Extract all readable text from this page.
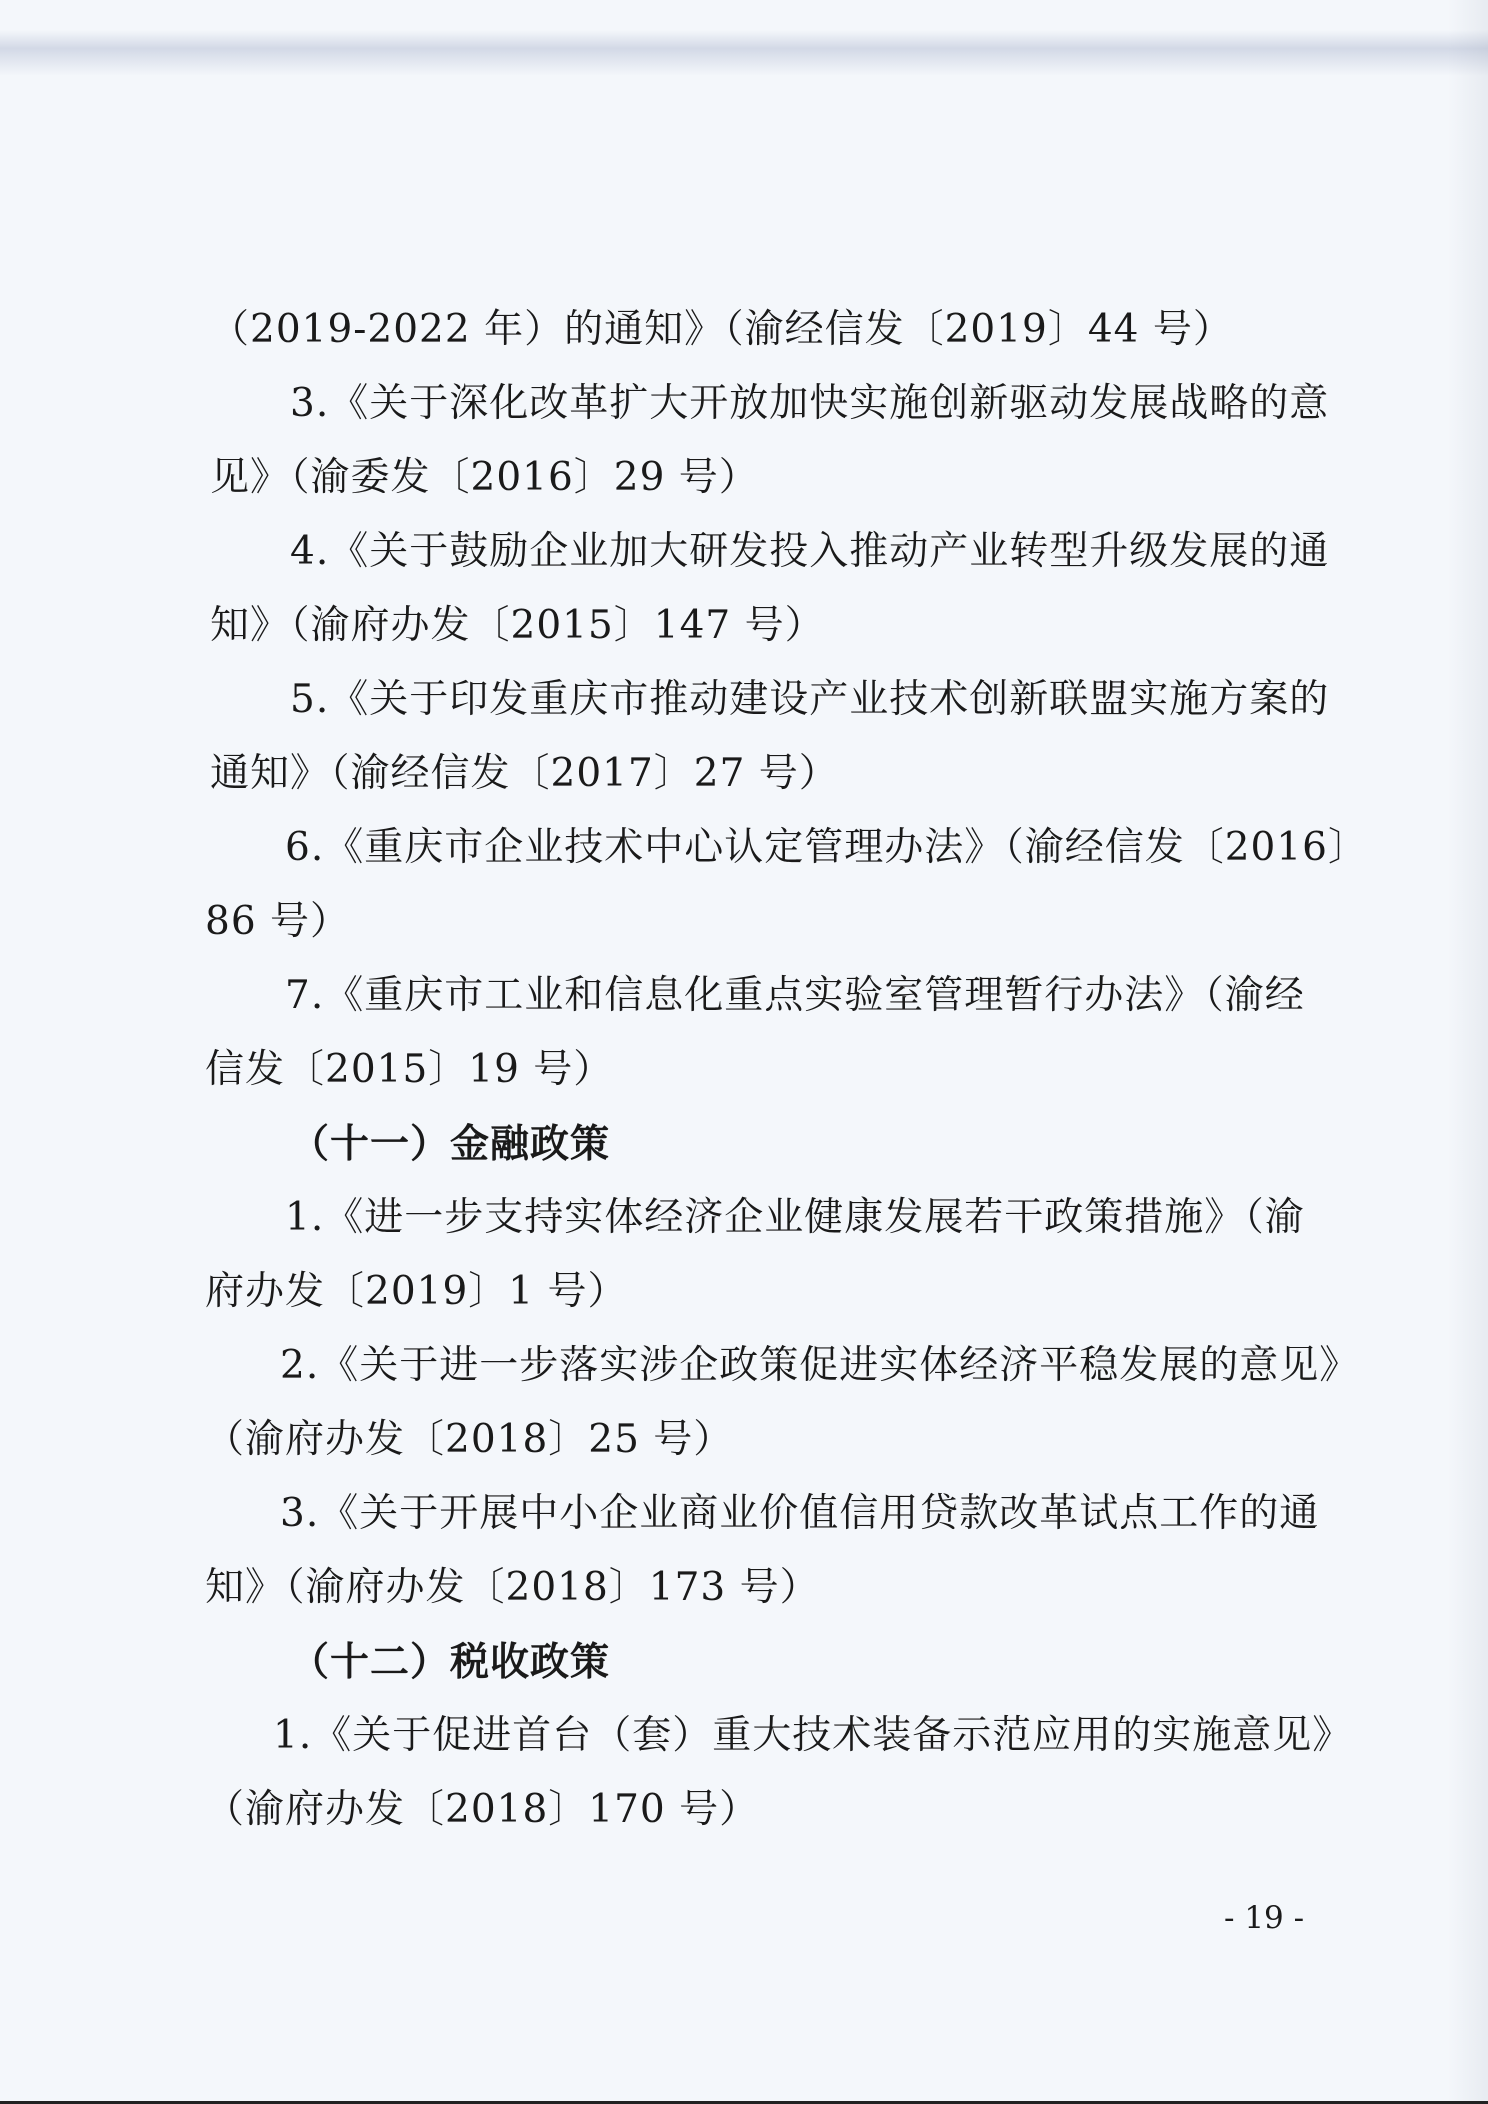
（2019-2022 年）的通知》（渝经信发〔2019〕44 号）
3.《关于深化改革扩大开放加快实施创新驱动发展战略的意
见》（渝委发〔2016〕29 号）
4.《关于鼓励企业加大研发投入推动产业转型升级发展的通
知》（渝府办发〔2015〕147 号）
5.《关于印发重庆市推动建设产业技术创新联盟实施方案的
通知》（渝经信发〔2017〕27 号）
6.《重庆市企业技术中心认定管理办法》（渝经信发〔2016〕
86 号）
7.《重庆市工业和信息化重点实验室管理暂行办法》（渝经
信发〔2015〕19 号）
（十一）金融政策
1.《进一步支持实体经济企业健康发展若干政策措施》（渝
府办发〔2019〕1 号）
2.《关于进一步落实涉企政策促进实体经济平稳发展的意见》
（渝府办发〔2018〕25 号）
3.《关于开展中小企业商业价值信用贷款改革试点工作的通
知》（渝府办发〔2018〕173 号）
（十二）税收政策
1.《关于促进首台（套）重大技术装备示范应用的实施意见》
（渝府办发〔2018〕170 号）
- 19 -
